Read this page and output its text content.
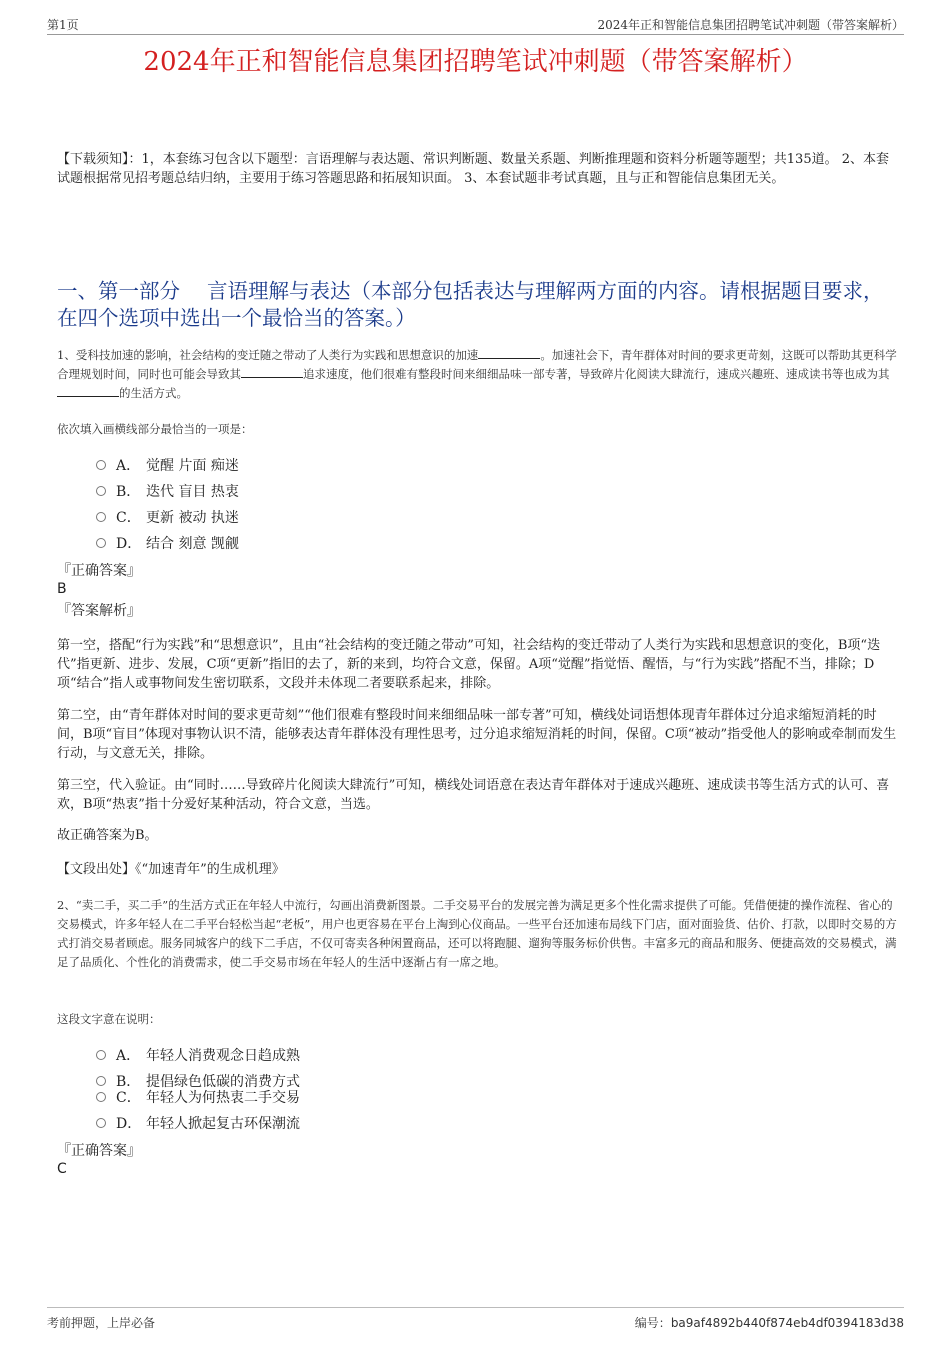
第1页	2024年正和智能信息集团招聘笔试冲刺题（带答案解析）
2024年正和智能信息集团招聘笔试冲刺题（带答案解析）

【下载须知】：1，本套练习包含以下题型：言语理解与表达题、常识判断题、数量关系题、判断推理题和资料分析题等题型；共135道。 2、本套试题根据常见招考题总结归纳，主要用于练习答题思路和拓展知识面。 3、本套试题非考试真题，且与正和智能信息集团无关。

一、第一部分　 言语理解与表达（本部分包括表达与理解两方面的内容。请根据题目要求，在四个选项中选出一个最恰当的答案。）

1、受科技加速的影响，社会结构的变迁随之带动了人类行为实践和思想意识的加速	。加速社会下，青年群体对时间的要求更苛刻，这既可以帮助其更科学合理规划时间，同时也可能会导致其	追求速度，他们很难有整段时间来细细品味一部专著，导致碎片化阅读大肆流行，速成兴趣班、速成读书等也成为其的生活方式。

依次填入画横线部分最恰当的一项是：
A． 觉醒 片面 痴迷
B． 迭代 盲目 热衷
C． 更新 被动 执迷
D． 结合 刻意 觊觎
『正确答案』
B
『答案解析』

第一空，搭配“行为实践”和“思想意识”，且由“社会结构的变迁随之带动”可知，社会结构的变迁带动了人类行为实践和思想意识的变化，B项“迭代”指更新、进步、发展，C项“更新”指旧的去了，新的来到，均符合文意，保留。A项“觉醒”指觉悟、醒悟，与“行为实践”搭配不当，排除；D项“结合”指人或事物间发生密切联系，文段并未体现二者要联系起来，排除。

第二空，由“青年群体对时间的要求更苛刻”“他们很难有整段时间来细细品味一部专著”可知，横线处词语想体现青年群体过分追求缩短消耗的时间，B项“盲目”体现对事物认识不清，能够表达青年群体没有理性思考，过分追求缩短消耗的时间，保留。C项“被动”指受他人的影响或牵制而发生行动，与文意无关，排除。

第三空，代入验证。由“同时……导致碎片化阅读大肆流行”可知，横线处词语意在表达青年群体对于速成兴趣班、速成读书等生活方式的认可、喜欢，B项“热衷”指十分爱好某种活动，符合文意，当选。

故正确答案为B。

【文段出处】《“加速青年”的生成机理》

2、“卖二手，买二手”的生活方式正在年轻人中流行，勾画出消费新图景。二手交易平台的发展完善为满足更多个性化需求提供了可能。凭借便捷的操作流程、省心的交易模式，许多年轻人在二手平台轻松当起“老板”，用户也更容易在平台上淘到心仪商品。一些平台还加速布局线下门店，面对面验货、估价、打款，以即时交易的方式打消交易者顾虑。服务同城客户的线下二手店，不仅可寄卖各种闲置商品，还可以将跑腿、遛狗等服务标价供售。丰富多元的商品和服务、便捷高效的交易模式，满足了品质化、个性化的消费需求，使二手交易市场在年轻人的生活中逐渐占有一席之地。

这段文字意在说明：
A． 年轻人消费观念日趋成熟
B． 提倡绿色低碳的消费方式
C． 年轻人为何热衷二手交易
D． 年轻人掀起复古环保潮流
『正确答案』
C
考前押题，上岸必备	编号：ba9af4892b440f874eb4df0394183d38
